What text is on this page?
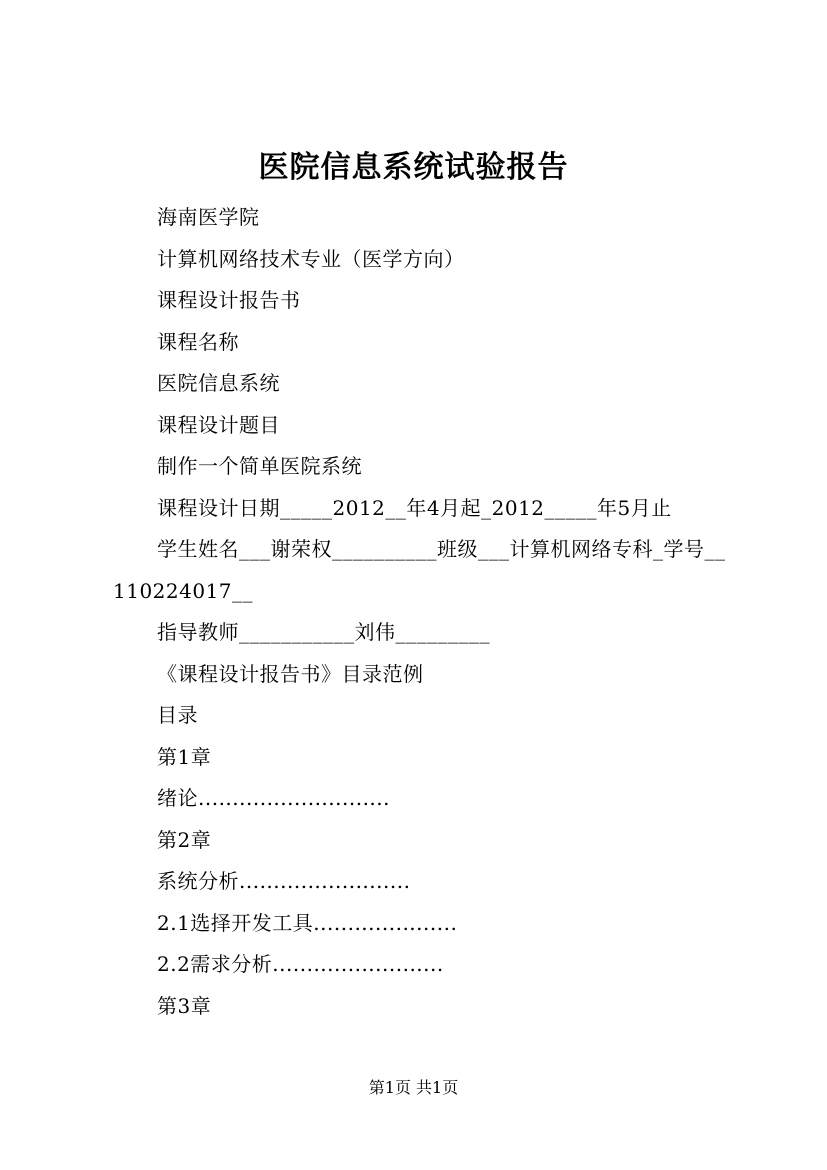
医院信息系统试验报告
海南医学院
计算机网络技术专业（医学方向）
课程设计报告书
课程名称
医院信息系统
课程设计题目
制作一个简单医院系统
课程设计日期_____2012__年4月起_2012_____年5月止
学生姓名___谢荣权__________班级___计算机网络专科_学号__110224017__
指导教师___________刘伟_________
《课程设计报告书》目录范例
目录
第1章
绪论............................
第2章
系统分析.........................
2.1选择开发工具.....................
2.2需求分析.........................
第3章
第1页 共1页
